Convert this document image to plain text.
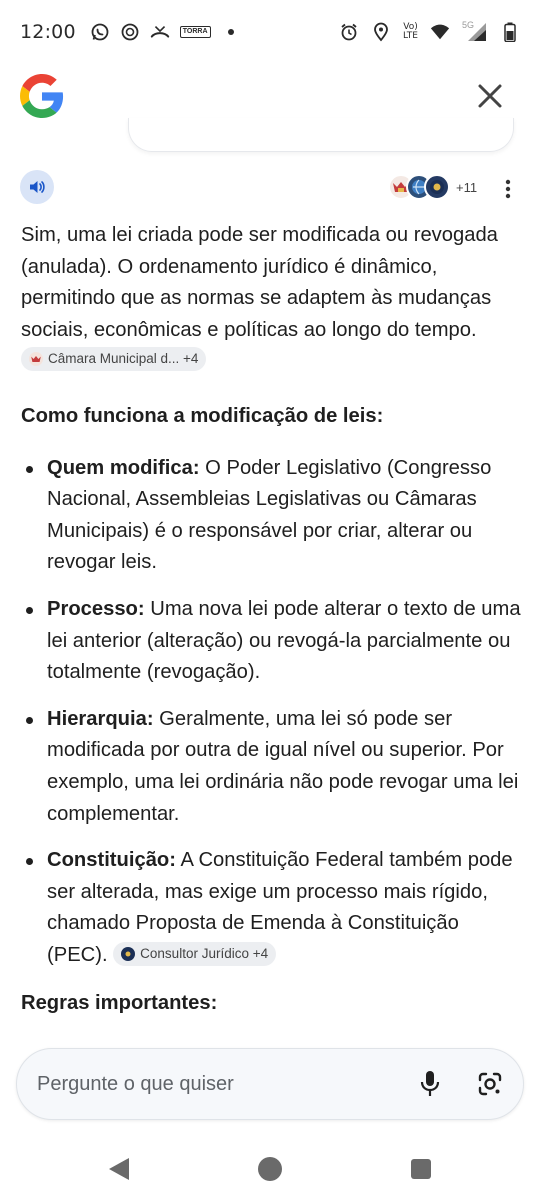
12:00	TORRA	Vo)
LTE
5G
+11

Sim, uma lei criada pode ser modificada ou revogada (anulada). O ordenamento jurídico é dinâmico, permitindo que as normas se adaptem às mudanças sociais, econômicas e políticas ao longo do tempo.
Câmara Municipal d... +4

Como funciona a modificação de leis:
Quem modifica: O Poder Legislativo (Congresso Nacional, Assembleias Legislativas ou Câmaras Municipais) é o responsável por criar, alterar ou revogar leis.
Processo: Uma nova lei pode alterar o texto de uma lei anterior (alteração) ou revogá-la parcialmente ou totalmente (revogação).
Hierarquia: Geralmente, uma lei só pode ser modificada por outra de igual nível ou superior. Por exemplo, uma lei ordinária não pode revogar uma lei complementar.
Constituição: A Constituição Federal também pode ser alterada, mas exige um processo mais rígido, chamado Proposta de Emenda à Constituição (PEC). Consultor Jurídico +4
Regras importantes:
Pergunte o que quiser
